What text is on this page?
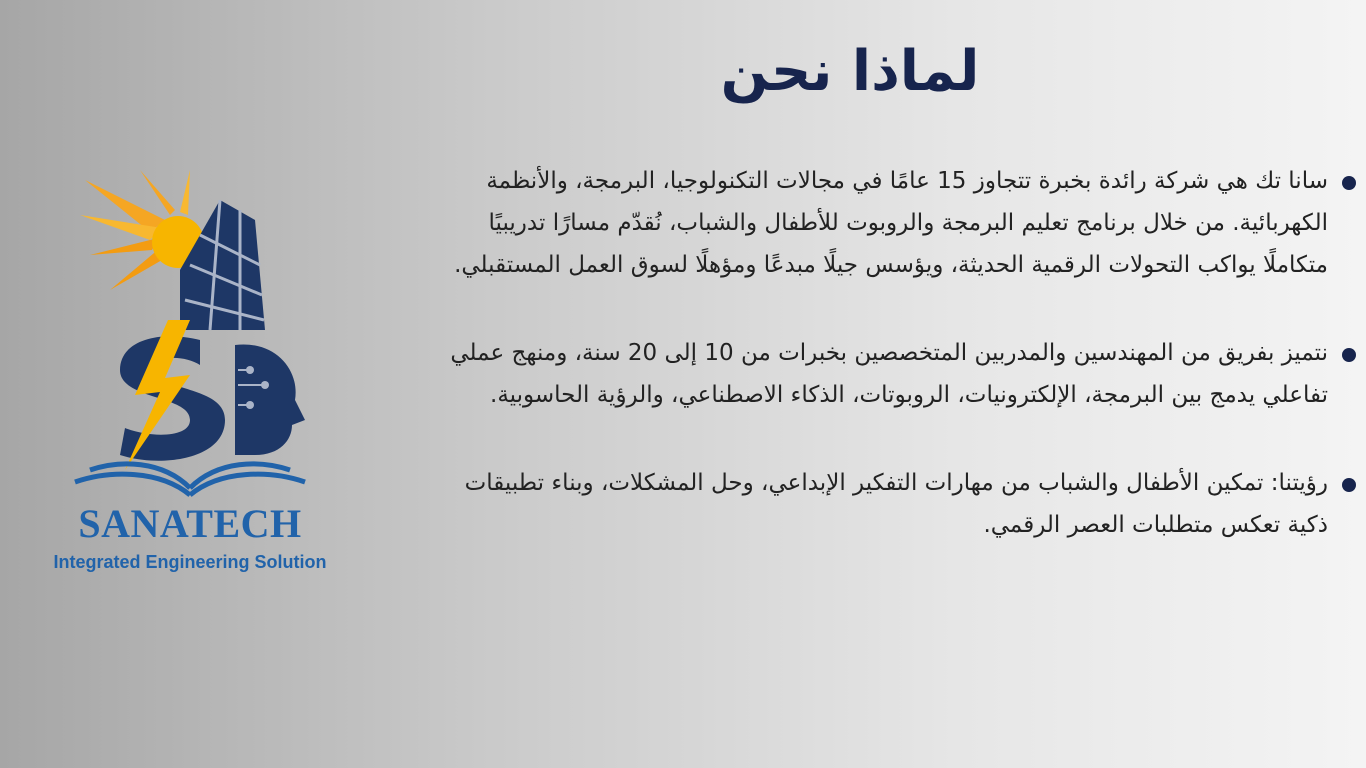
لماذا نحن
سانا تك هي شركة رائدة بخبرة تتجاوز 15 عامًا في مجالات التكنولوجيا، البرمجة، والأنظمة الكهربائية. من خلال برنامج تعليم البرمجة والروبوت للأطفال والشباب، نُقدّم مسارًا تدريبيًا متكاملًا يواكب التحولات الرقمية الحديثة، ويؤسس جيلًا مبدعًا ومؤهلًا لسوق العمل المستقبلي.
نتميز بفريق من المهندسين والمدربين المتخصصين بخبرات من 10 إلى 20 سنة، ومنهج عملي تفاعلي يدمج بين البرمجة، الإلكترونيات، الروبوتات، الذكاء الاصطناعي، والرؤية الحاسوبية.
رؤيتنا: تمكين الأطفال والشباب من مهارات التفكير الإبداعي، وحل المشكلات، وبناء تطبيقات ذكية تعكس متطلبات العصر الرقمي.
SANATECH
Integrated Engineering Solution
